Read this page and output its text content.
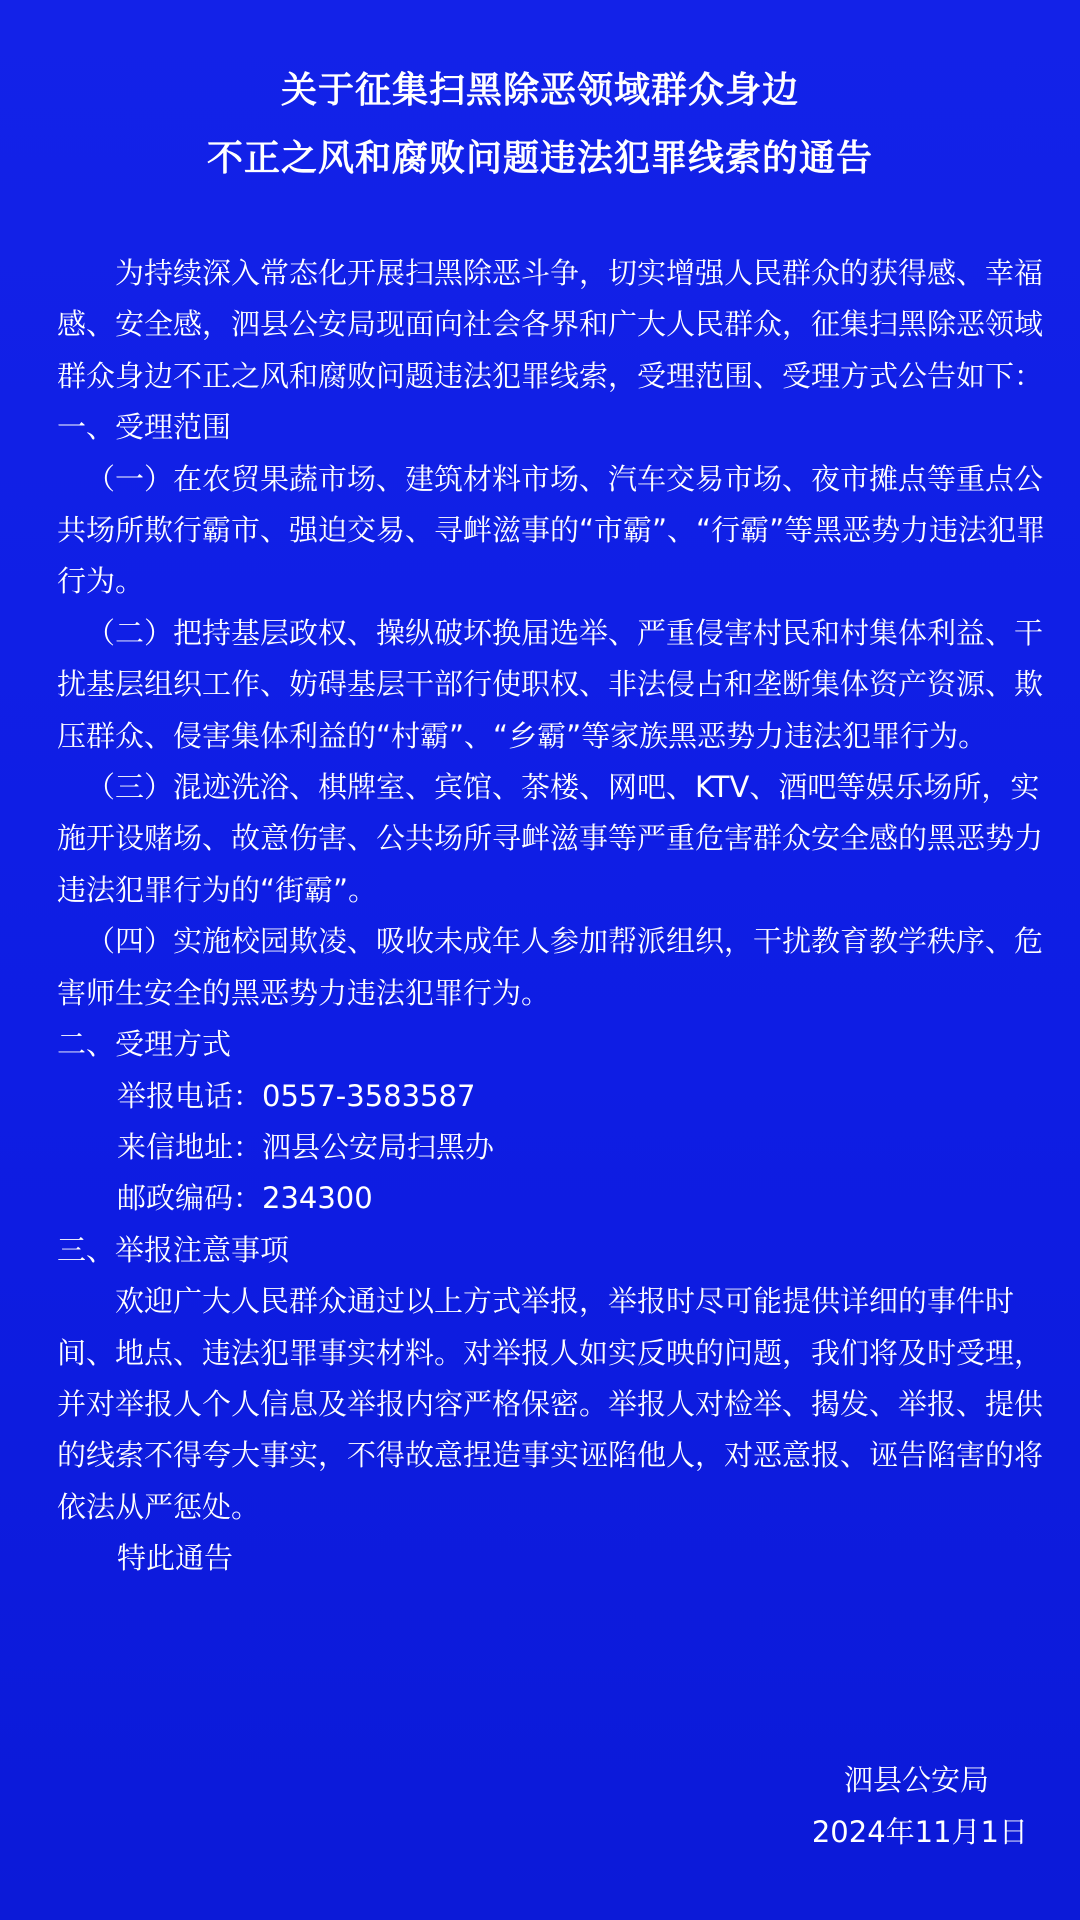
关于征集扫黑除恶领域群众身边
不正之风和腐败问题违法犯罪线索的通告

为持续深入常态化开展扫黑除恶斗争，切实增强人民群众的获得感、幸福感、安全感，泗县公安局现面向社会各界和广大人民群众，征集扫黑除恶领域群众身边不正之风和腐败问题违法犯罪线索，受理范围、受理方式公告如下：

一、受理范围

（一）在农贸果蔬市场、建筑材料市场、汽车交易市场、夜市摊点等重点公共场所欺行霸市、强迫交易、寻衅滋事的“市霸”、“行霸”等黑恶势力违法犯罪行为。

（二）把持基层政权、操纵破坏换届选举、严重侵害村民和村集体利益、干扰基层组织工作、妨碍基层干部行使职权、非法侵占和垄断集体资产资源、欺压群众、侵害集体利益的“村霸”、“乡霸”等家族黑恶势力违法犯罪行为。

（三）混迹洗浴、棋牌室、宾馆、茶楼、网吧、KTV、酒吧等娱乐场所，实施开设赌场、故意伤害、公共场所寻衅滋事等严重危害群众安全感的黑恶势力违法犯罪行为的“街霸”。

（四）实施校园欺凌、吸收未成年人参加帮派组织，干扰教育教学秩序、危害师生安全的黑恶势力违法犯罪行为。

二、受理方式

举报电话：0557-3583587

来信地址：泗县公安局扫黑办

邮政编码：234300

三、举报注意事项

欢迎广大人民群众通过以上方式举报，举报时尽可能提供详细的事件时间、地点、违法犯罪事实材料。对举报人如实反映的问题，我们将及时受理，并对举报人个人信息及举报内容严格保密。举报人对检举、揭发、举报、提供的线索不得夸大事实，不得故意捏造事实诬陷他人，对恶意报、诬告陷害的将依法从严惩处。

特此通告

泗县公安局
2024年11月1日
